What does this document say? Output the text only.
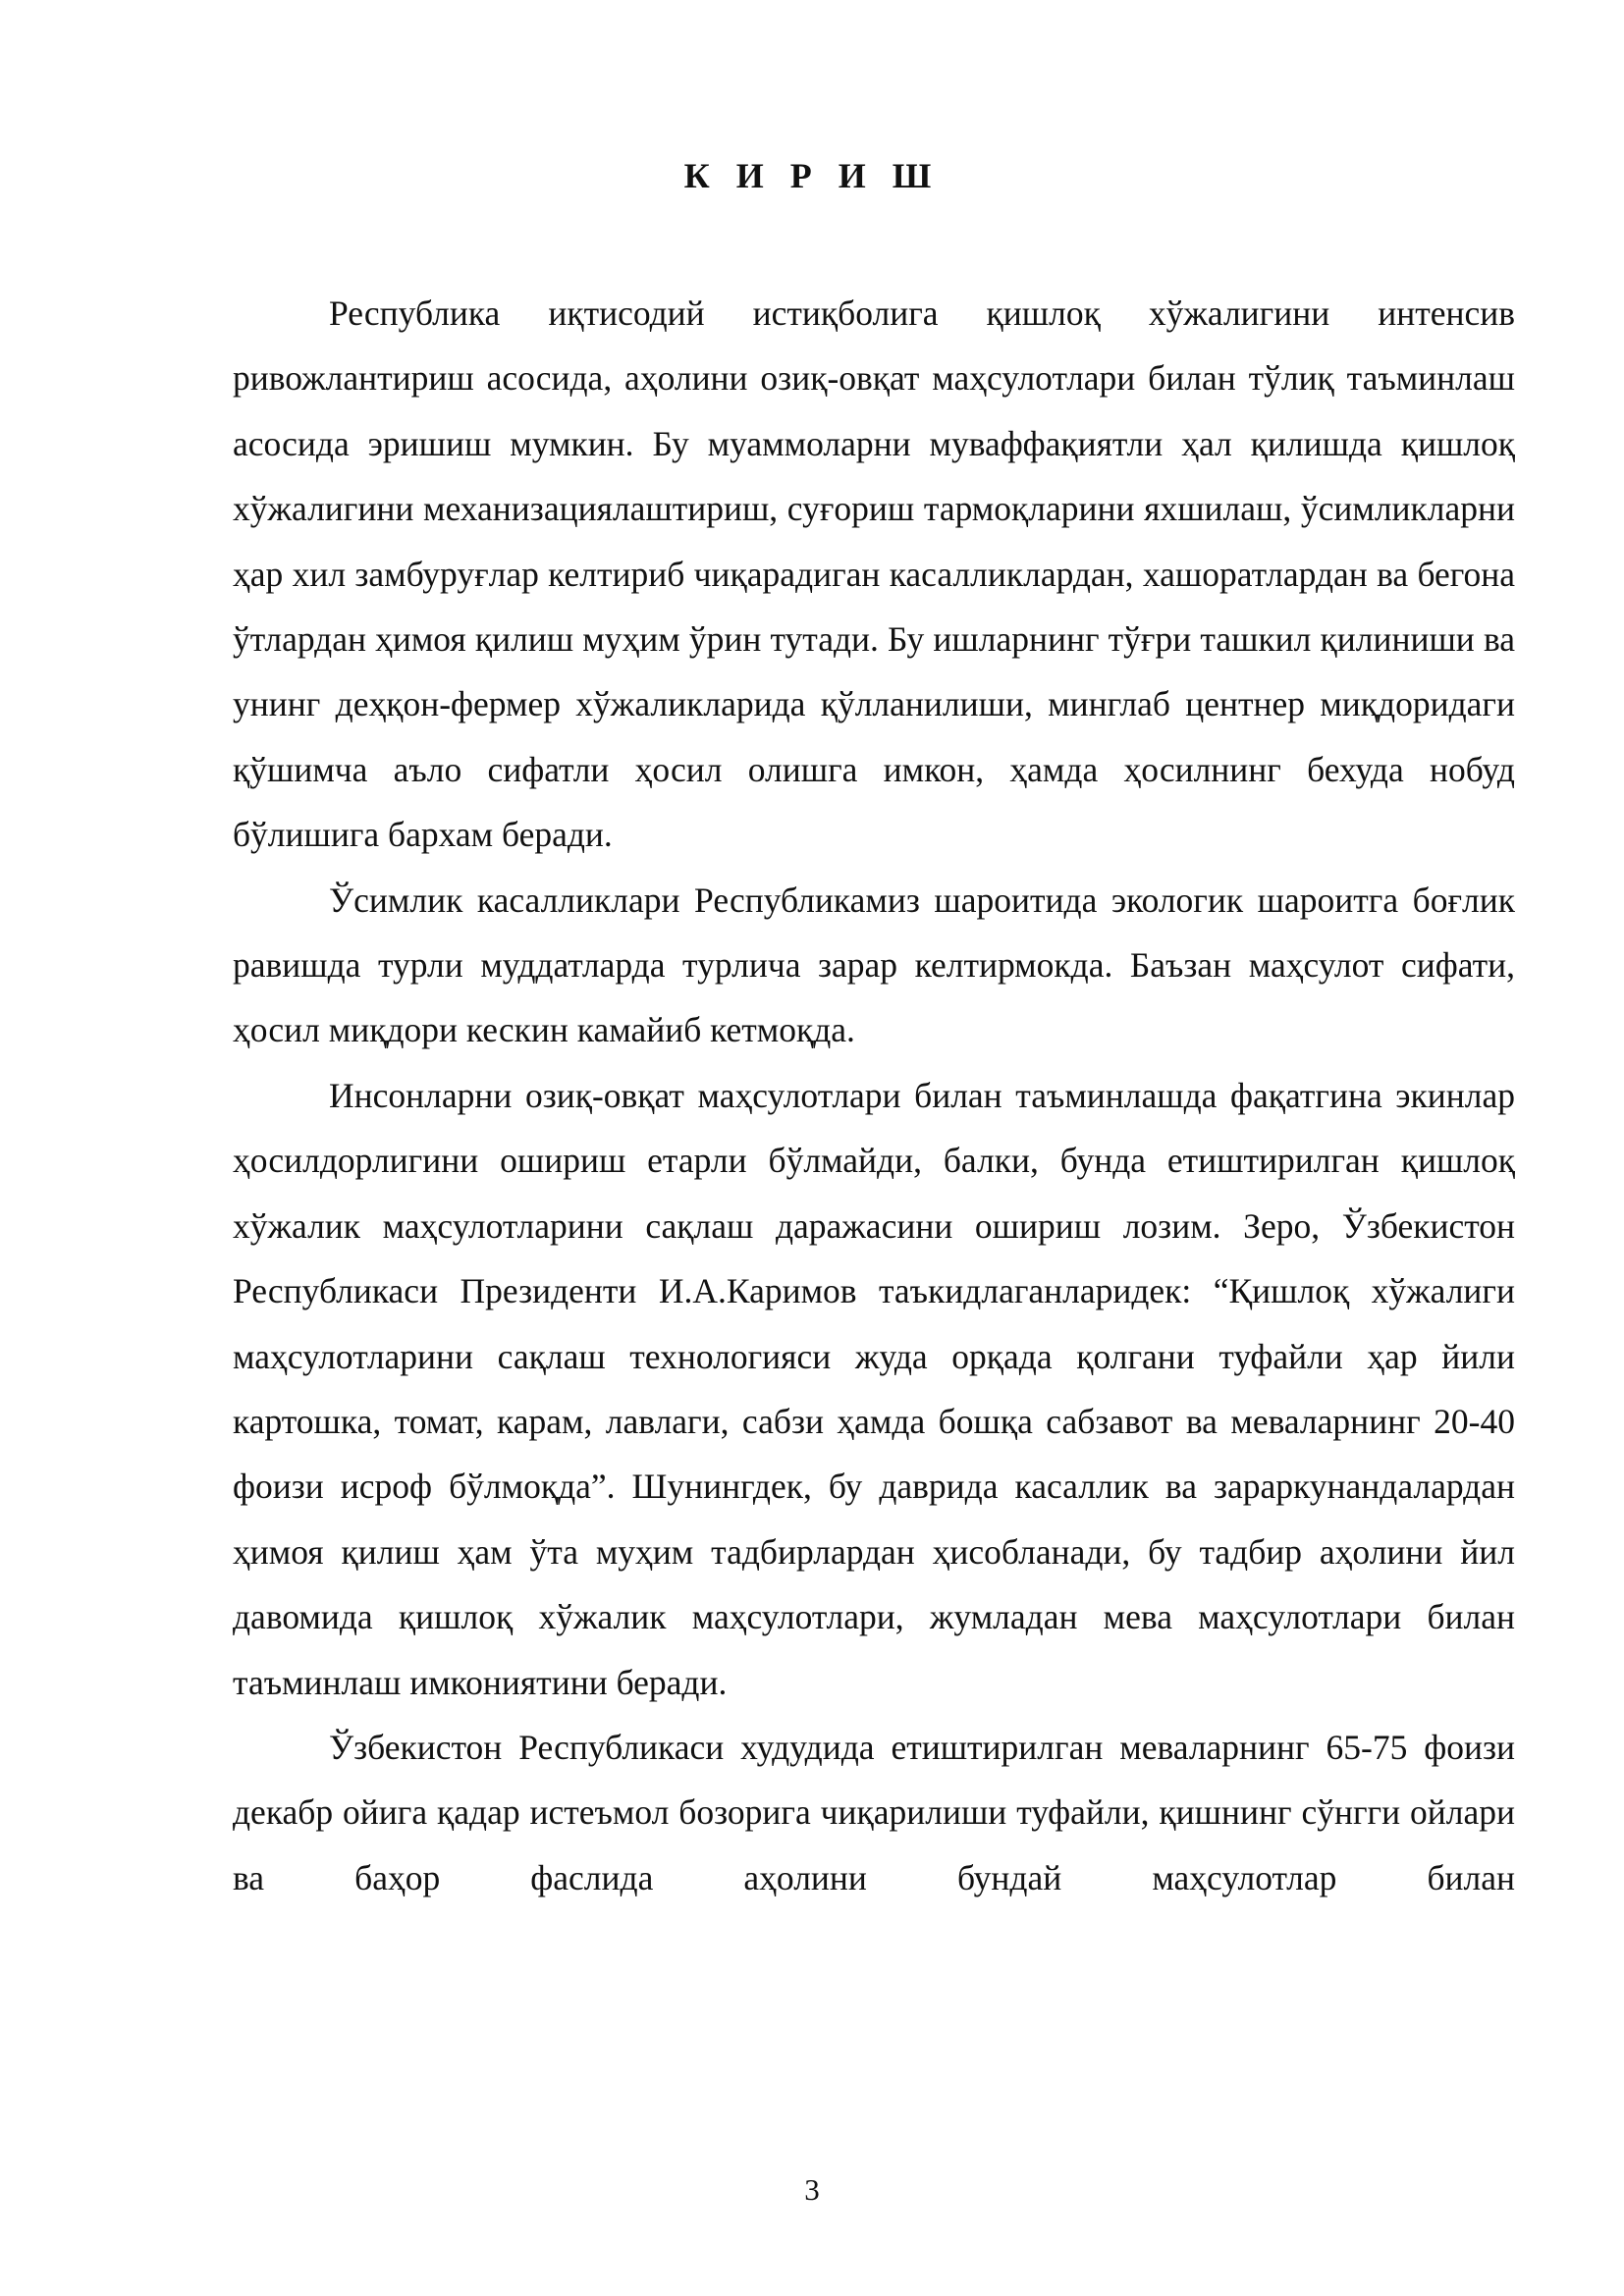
К И Р И Ш

Республика иқтисодий истиқболига қишлоқ хўжалигини интенсив ривожлантириш асосида, аҳолини озиқ-овқат маҳсулотлари билан тўлиқ таъминлаш асосида эришиш мумкин. Бу муаммоларни муваффақиятли ҳал қилишда қишлоқ хўжалигини механизациялаштириш, суғориш тармоқларини яхшилаш, ўсимликларни ҳар хил замбуруғлар келтириб чиқарадиган касалликлардан, хашоратлардан ва бегона ўтлардан ҳимоя қилиш муҳим ўрин тутади. Бу ишларнинг тўғри ташкил қилиниши ва унинг деҳқон-фермер хўжаликларида қўлланилиши, минглаб центнер миқдоридаги қўшимча аъло сифатли ҳосил олишга имкон, ҳамда ҳосилнинг бехуда нобуд бўлишига бархам беради.

Ўсимлик касалликлари Республикамиз шароитида экологик шароитга боғлик равишда турли муддатларда турлича зарар келтирмокда. Баъзан маҳсулот сифати, ҳосил миқдори кескин камайиб кетмоқда.

Инсонларни озиқ-овқат маҳсулотлари билан таъминлашда фақатгина экинлар ҳосилдорлигини ошириш етарли бўлмайди, балки, бунда етиштирилган қишлоқ хўжалик маҳсулотларини сақлаш даражасини ошириш лозим. Зеро, Ўзбекистон Республикаси Президенти И.А.Каримов таъкидлаганларидек: “Қишлоқ хўжалиги маҳсулотларини сақлаш технологияси жуда орқада қолгани туфайли ҳар йили картошка, томат, карам, лавлаги, сабзи ҳамда бошқа сабзавот ва меваларнинг 20-40 фоизи исроф бўлмоқда”. Шунингдек, бу даврида касаллик ва зараркунандалардан ҳимоя қилиш ҳам ўта муҳим тадбирлардан ҳисобланади, бу тадбир аҳолини йил давомида қишлоқ хўжалик маҳсулотлари, жумладан мева маҳсулотлари билан таъминлаш имкониятини беради.

Ўзбекистон Республикаси худудида етиштирилган меваларнинг 65-75 фоизи декабр ойига қадар истеъмол бозорига чиқарилиши туфайли, қишнинг сўнгги ойлари ва баҳор фаслида аҳолини бундай маҳсулотлар билан

3
